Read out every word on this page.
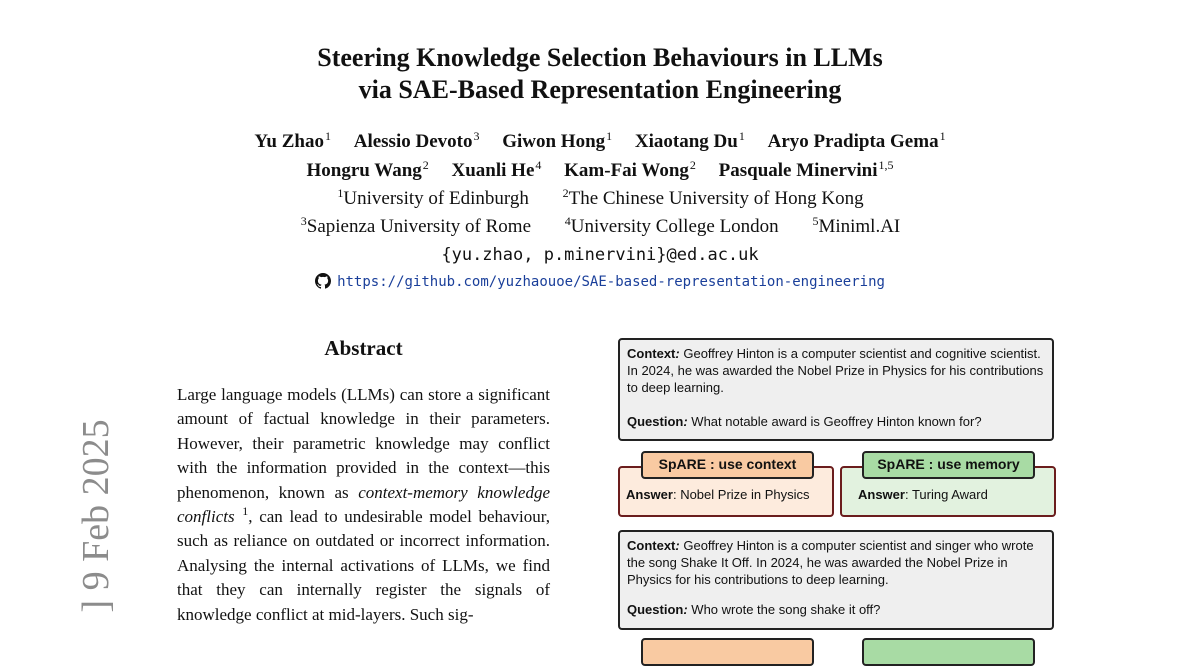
Steering Knowledge Selection Behaviours in LLMs
via SAE-Based Representation Engineering
Yu Zhao$^1$ Alessio Devoto$^3$ Giwon Hong$^1$ Xiaotang Du$^1$ Aryo Pradipta Gema$^1$
Hongru Wang$^2$ Xuanli He$^4$ Kam-Fai Wong$^2$ Pasquale Minervini$^{1,5}$
$^1$University of Edinburgh	$^2$The Chinese University of Hong Kong
$^3$Sapienza University of Rome	$^4$University College London	$^5$Miniml.AI
{yu.zhao, p.minervini}@ed.ac.uk
https://github.com/yuzhaouoe/SAE-based-representation-engineering
] 9 Feb 2025
Abstract

Large language models (LLMs) can store a significant amount of factual knowledge in their parameters. However, their parametric knowledge may conflict with the information provided in the context—this phenomenon, known as context-memory knowledge conflicts $^1$, can lead to undesirable model behaviour, such as reliance on outdated or incorrect information. Analysing the internal activations of LLMs, we find that they can internally register the signals of knowledge conflict at mid-layers. Such sig-

Context: Geoffrey Hinton is a computer scientist and cognitive scientist. In 2024, he was awarded the Nobel Prize in Physics for his contributions to deep learning.

Question: What notable award is Geoffrey Hinton known for?

Answer: Nobel Prize in Physics
SpARE : use context
Answer: Turing Award
SpARE : use memory

Context: Geoffrey Hinton is a computer scientist and singer who wrote the song Shake It Off. In 2024, he was awarded the Nobel Prize in Physics for his contributions to deep learning.

Question: Who wrote the song shake it off?
